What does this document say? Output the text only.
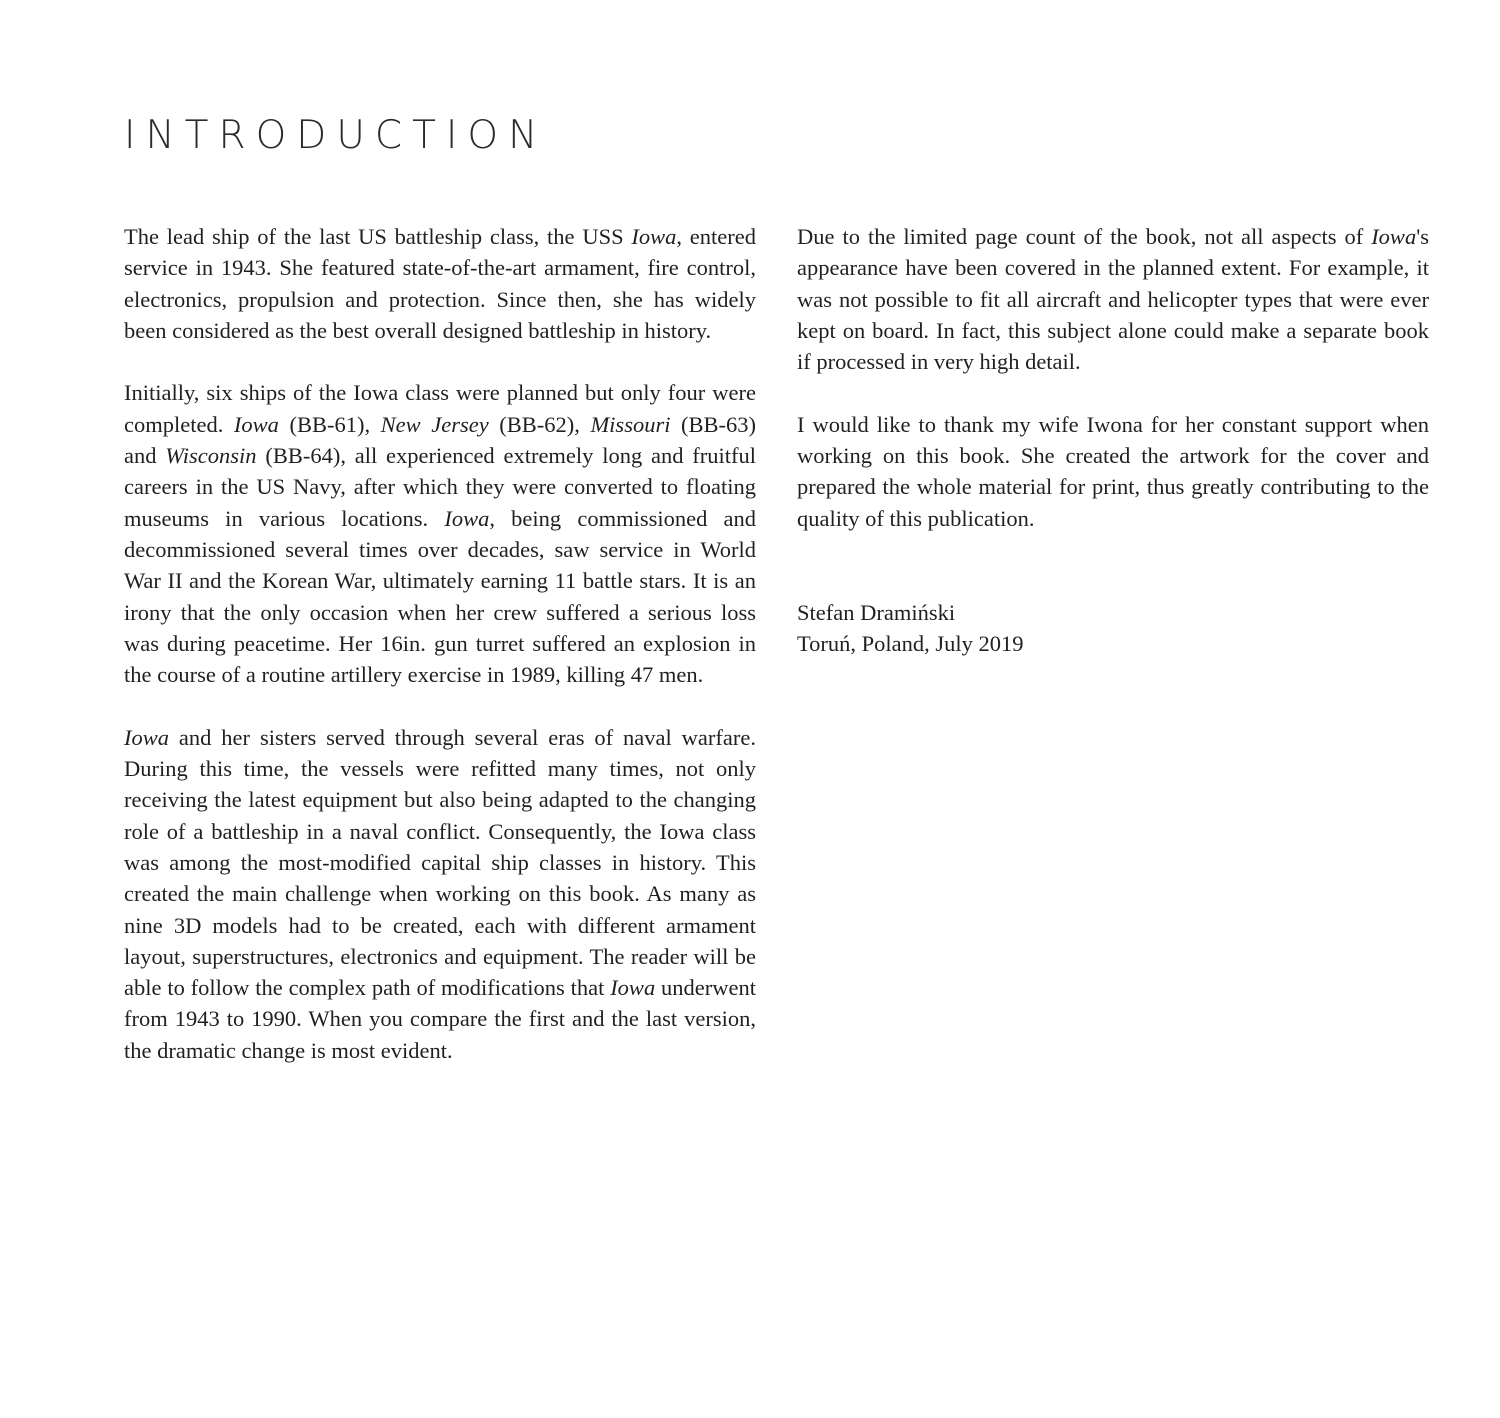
INTRODUCTION

The lead ship of the last US battleship class, the USS Iowa, entered service in 1943. She featured state-of-the-art armament, fire control, electronics, propulsion and protection. Since then, she has widely been considered as the best overall designed battleship in history.

Initially, six ships of the Iowa class were planned but only four were completed. Iowa (BB-61), New Jersey (BB-62), Missouri (BB-63) and Wisconsin (BB-64), all experienced extremely long and fruitful careers in the US Navy, after which they were converted to floating museums in various locations. Iowa, being commissioned and decommissioned several times over decades, saw service in World War II and the Korean War, ultimately earning 11 battle stars. It is an irony that the only occasion when her crew suffered a serious loss was during peacetime. Her 16in. gun turret suffered an explosion in the course of a routine artillery exercise in 1989, killing 47 men.

Iowa and her sisters served through several eras of naval warfare. During this time, the vessels were refitted many times, not only receiving the latest equipment but also being adapted to the changing role of a battleship in a naval conflict. Consequently, the Iowa class was among the most-modified capital ship classes in history. This created the main challenge when working on this book. As many as nine 3D models had to be created, each with different armament layout, superstructures, electronics and equipment. The reader will be able to follow the complex path of modifications that Iowa underwent from 1943 to 1990. When you compare the first and the last version, the dramatic change is most evident.

Due to the limited page count of the book, not all aspects of Iowa's appearance have been covered in the planned extent. For example, it was not possible to fit all aircraft and helicopter types that were ever kept on board. In fact, this subject alone could make a separate book if processed in very high detail.

I would like to thank my wife Iwona for her constant support when working on this book. She created the artwork for the cover and prepared the whole material for print, thus greatly contributing to the quality of this publication.

Stefan Dramiński
Toruń, Poland, July 2019
